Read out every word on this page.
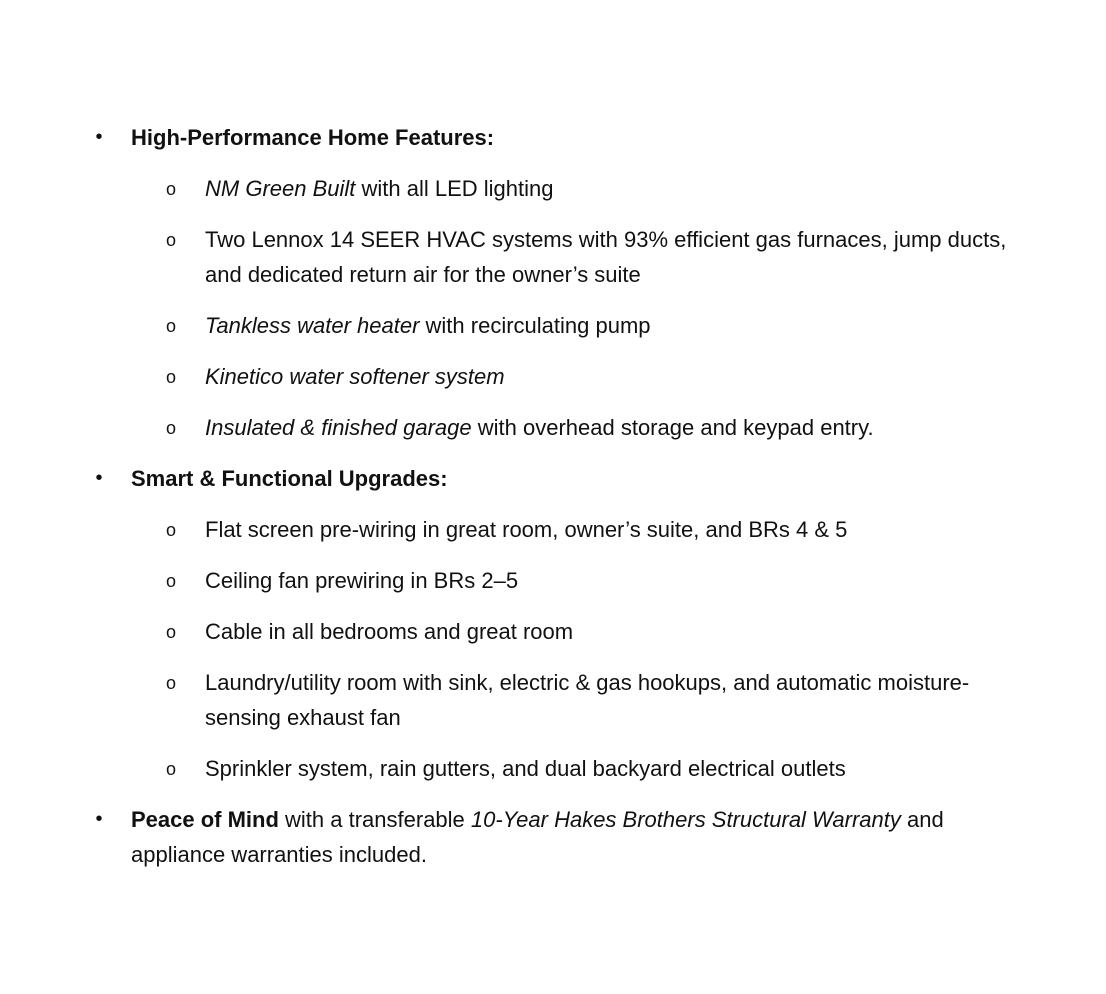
• High-Performance Home Features:
o NM Green Built with all LED lighting
o Two Lennox 14 SEER HVAC systems with 93% efficient gas furnaces, jump ducts, and dedicated return air for the owner’s suite
o Tankless water heater with recirculating pump
o Kinetico water softener system
o Insulated & finished garage with overhead storage and keypad entry.
• Smart & Functional Upgrades:
o Flat screen pre-wiring in great room, owner’s suite, and BRs 4 & 5
o Ceiling fan prewiring in BRs 2–5
o Cable in all bedrooms and great room
o Laundry/utility room with sink, electric & gas hookups, and automatic moisture-sensing exhaust fan
o Sprinkler system, rain gutters, and dual backyard electrical outlets
• Peace of Mind with a transferable 10-Year Hakes Brothers Structural Warranty and appliance warranties included.
